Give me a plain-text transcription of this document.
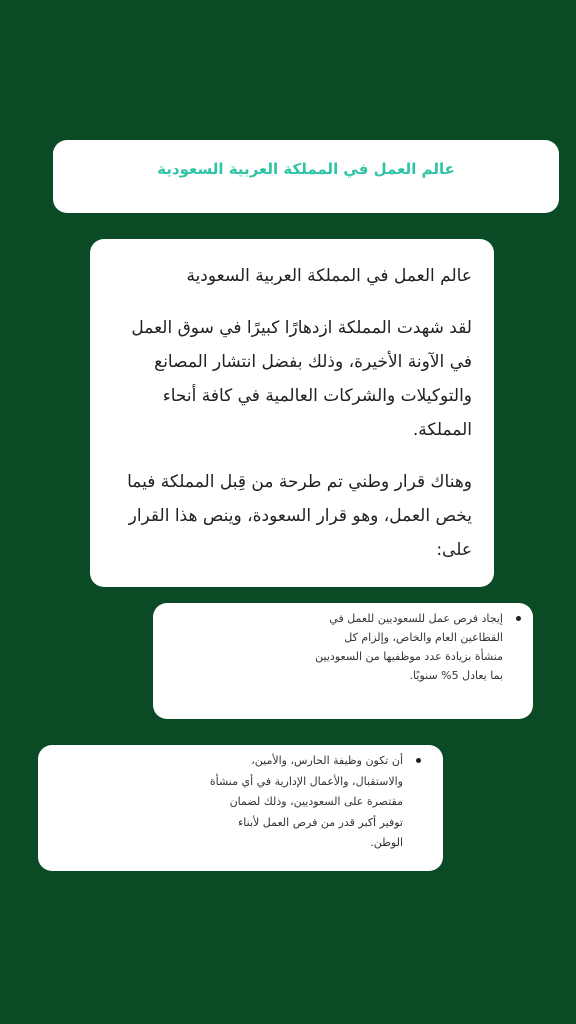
عالم العمل في المملكة العربية السعودية

عالم العمل في المملكة العربية السعودية

لقد شهدت المملكة ازدهارًا كبيرًا في سوق العمل في الآونة الأخيرة، وذلك بفضل انتشار المصانع والتوكيلات والشركات العالمية في كافة أنحاء المملكة.

وهناك قرار وطني تم طرحة من قِبل المملكة فيما يخص العمل، وهو قرار السعودة، وينص هذا القرار على:

إيجاد فرص عمل للسعوديين للعمل في القطاعين العام والخاص، وإلزام كل منشأة بزيادة عدد موظفيها من السعوديين بما يعادل 5% سنويًا.
أن تكون وظيفة الحارس، والأمين، والاستقبال، والأعمال الإدارية في أي منشأة مقتصرة على السعوديين، وذلك لضمان توفير أكبر قدر من فرص العمل لأبناء الوطن.
